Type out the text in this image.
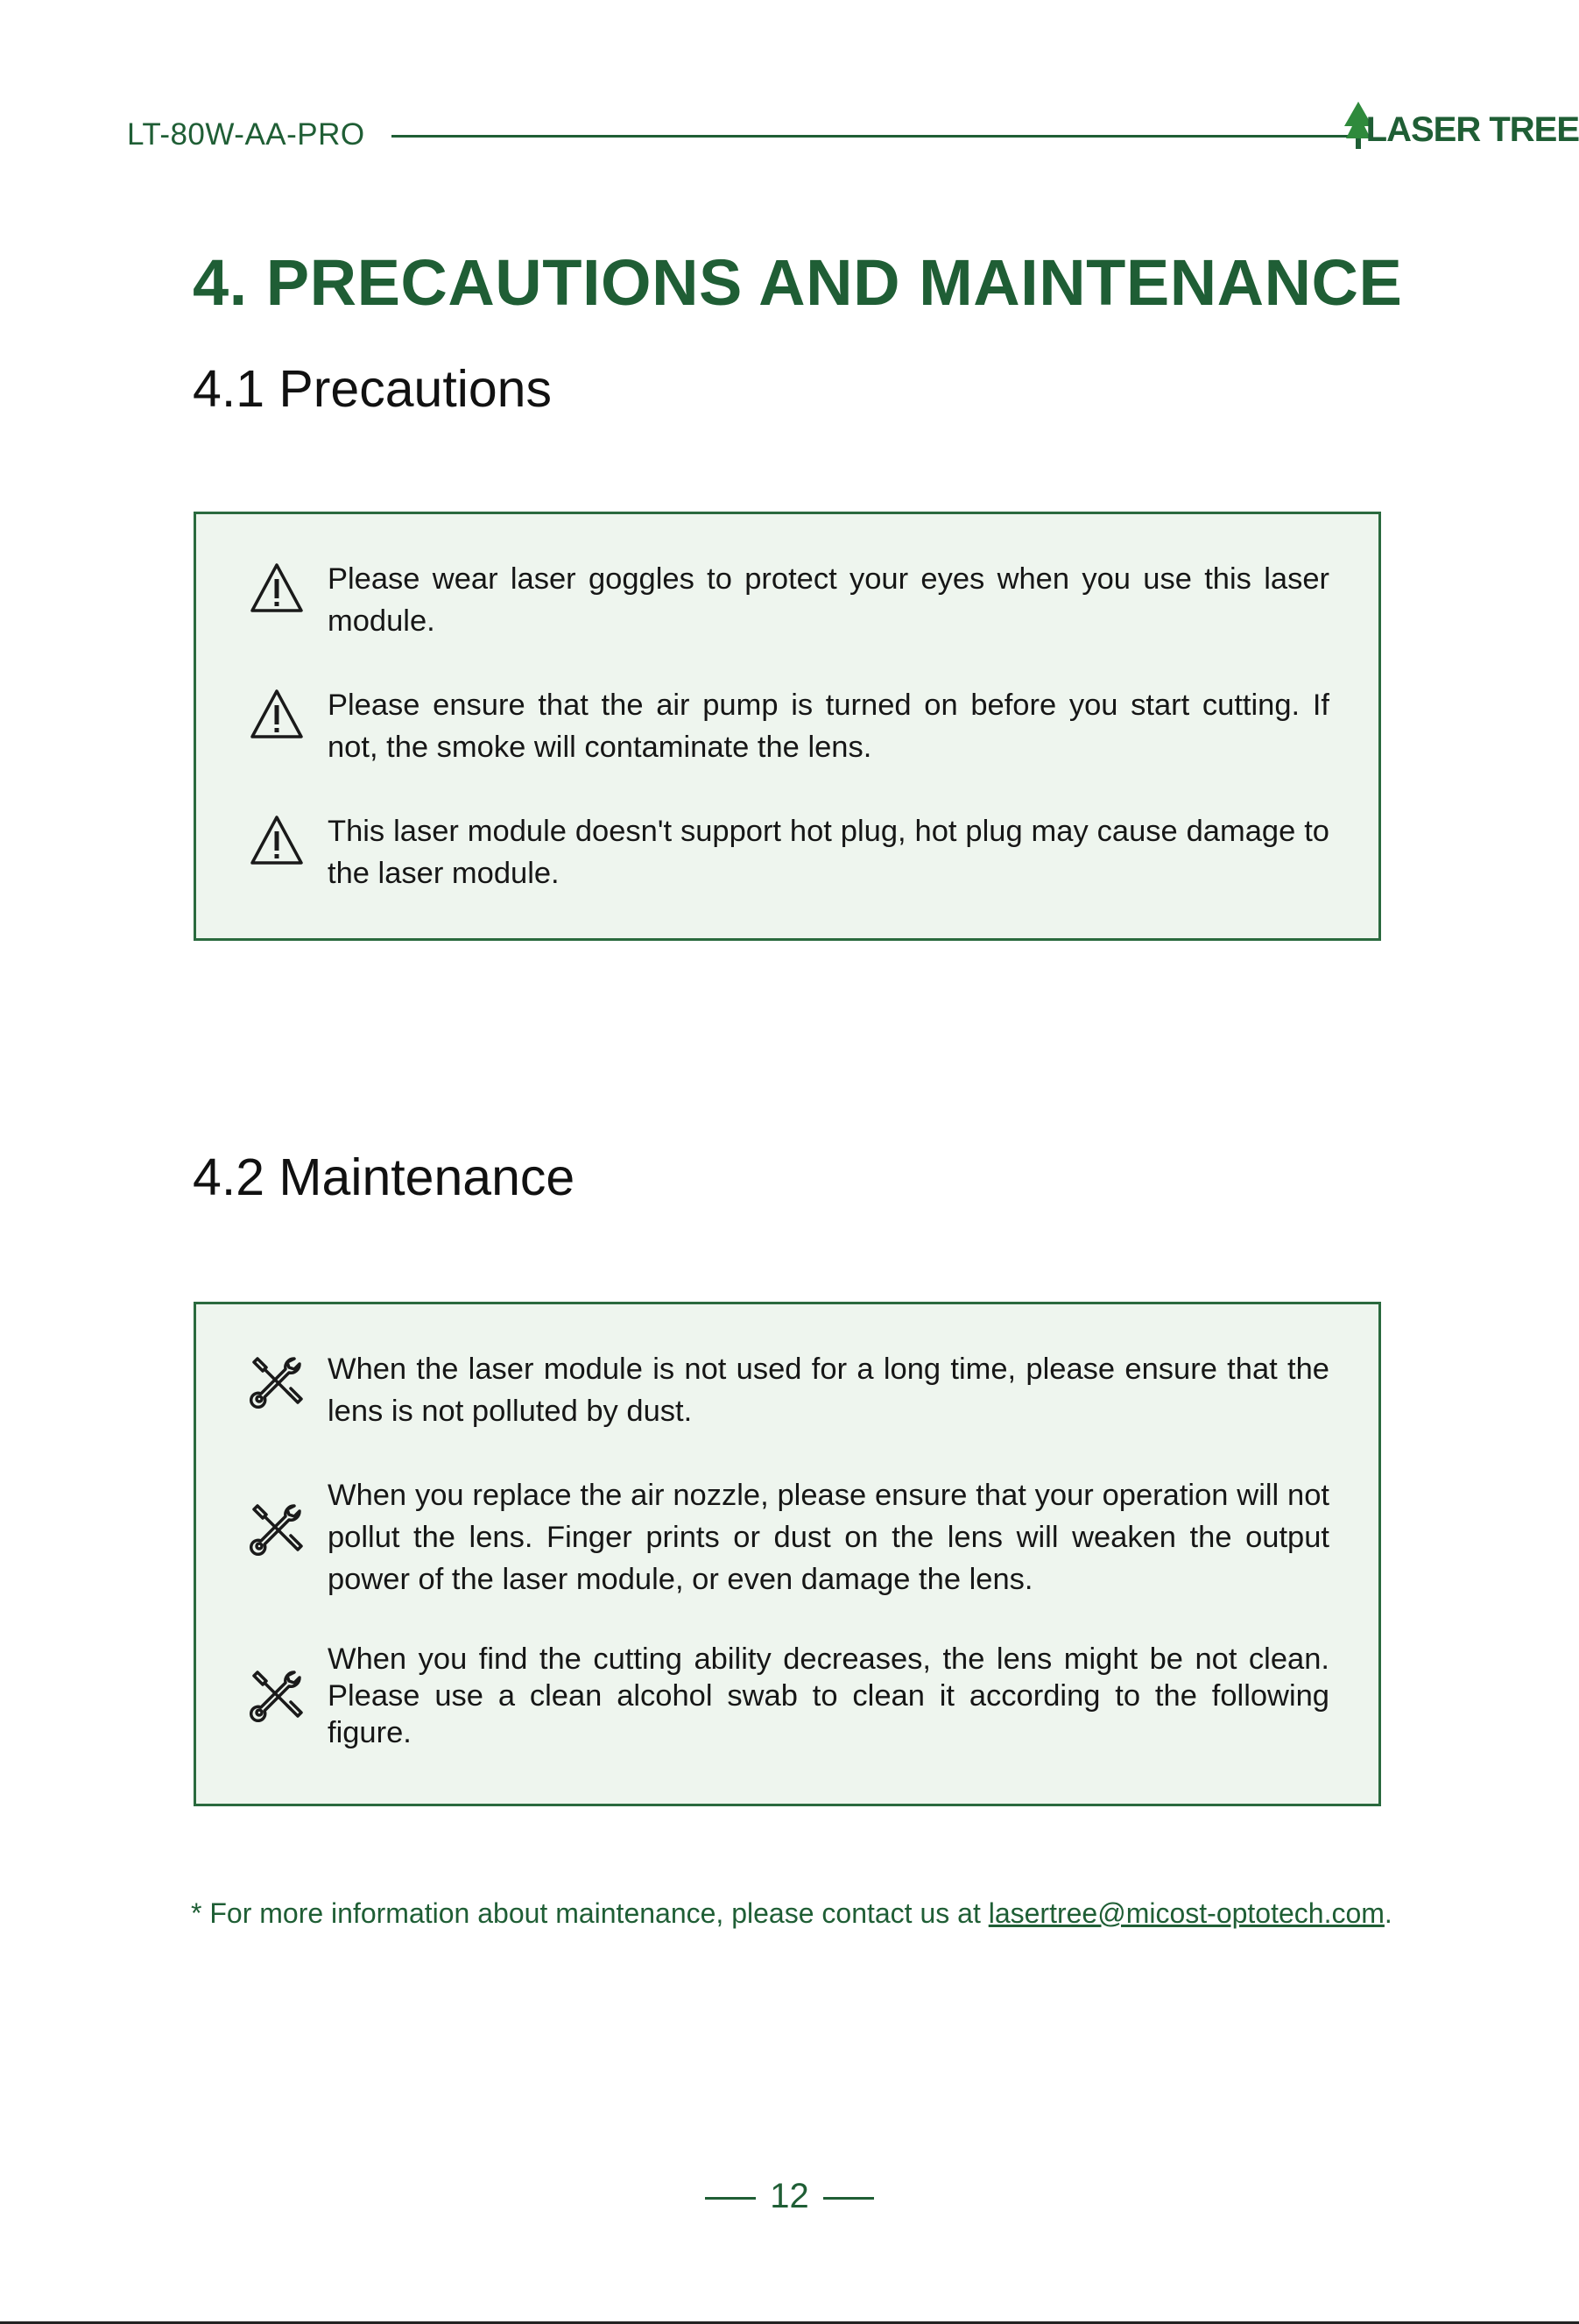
LT-80W-AA-PRO	LASER TREE
4. PRECAUTIONS AND MAINTENANCE
4.1 Precautions
Please wear laser goggles to protect your eyes when you use this laser module.
Please ensure that the air pump is turned on before you start cutting. If not, the smoke will contaminate the lens.
This laser module doesn't support hot plug, hot plug may cause damage to the laser module.
4.2 Maintenance
When the laser module is not used for a long time, please ensure that the lens is not polluted by dust.
When you replace the air nozzle, please ensure that your operation will not pollut the lens. Finger prints or dust on the lens will weaken the output power of the laser module, or even damage the lens.
When you find the cutting ability decreases, the lens might be not clean. Please use a clean alcohol swab to clean it according to the following figure.
* For more information about maintenance, please contact us at lasertree@micost-optotech.com.
12
